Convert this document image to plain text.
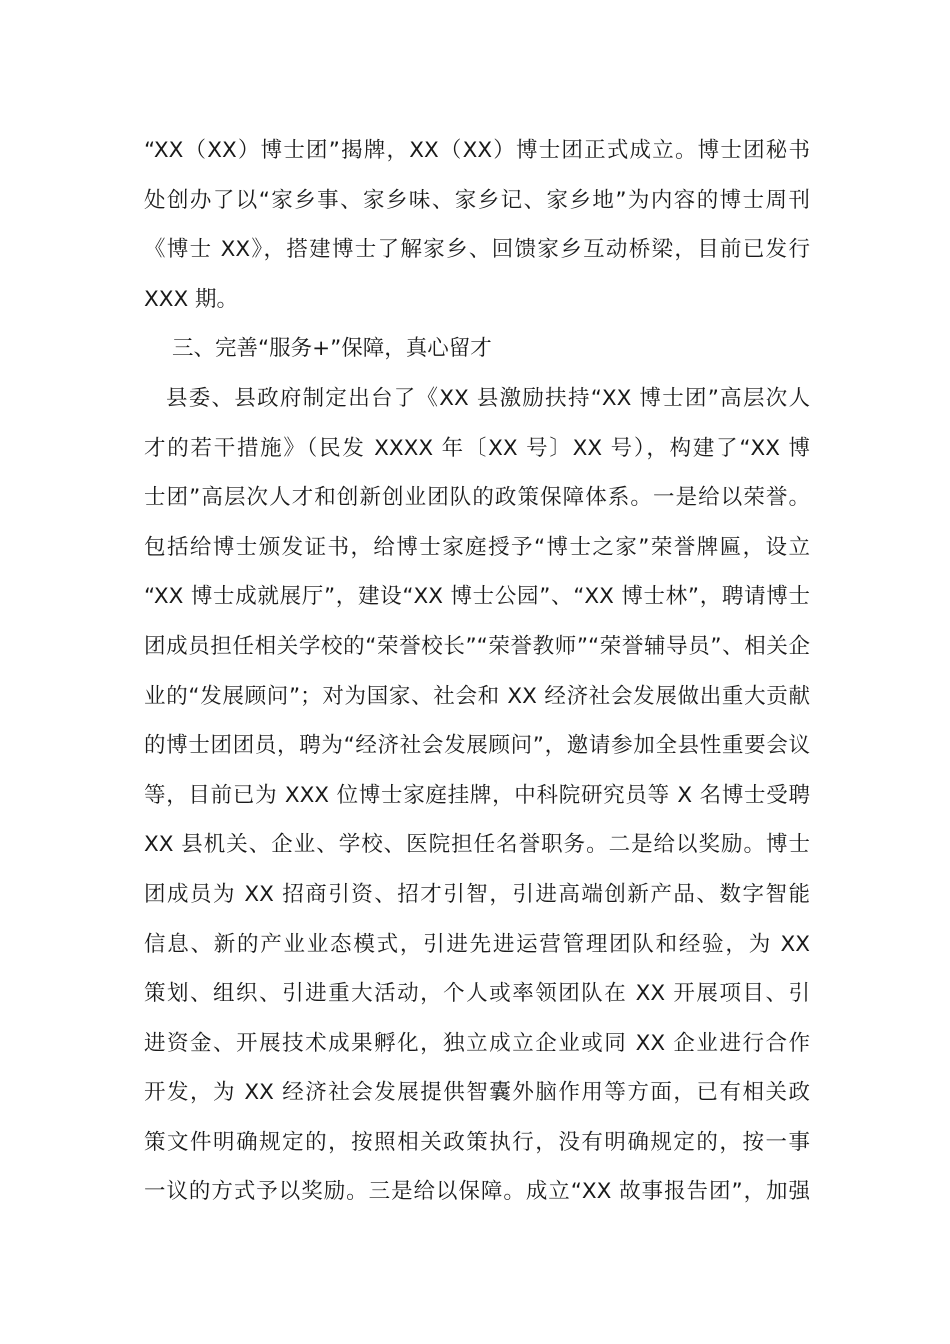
“XX（XX）博士团”揭牌，XX（XX）博士团正式成立。博士团秘书
处创办了以“家乡事、家乡味、家乡记、家乡地”为内容的博士周刊
《博士 XX》，搭建博士了解家乡、回馈家乡互动桥梁，目前已发行
XXX 期。
三、完善“服务+”保障，真心留才
县委、县政府制定出台了《XX 县激励扶持“XX 博士团”高层次人
才的若干措施》（民发 XXXX 年〔XX 号〕XX 号），构建了“XX 博
士团”高层次人才和创新创业团队的政策保障体系。一是给以荣誉。
包括给博士颁发证书，给博士家庭授予“博士之家”荣誉牌匾，设立
“XX 博士成就展厅”，建设“XX 博士公园”、“XX 博士林”，聘请博士
团成员担任相关学校的“荣誉校长”“荣誉教师”“荣誉辅导员”、相关企
业的“发展顾问”；对为国家、社会和 XX 经济社会发展做出重大贡献
的博士团团员，聘为“经济社会发展顾问”，邀请参加全县性重要会议
等，目前已为 XXX 位博士家庭挂牌，中科院研究员等 X 名博士受聘
XX 县机关、企业、学校、医院担任名誉职务。二是给以奖励。博士
团成员为 XX 招商引资、招才引智，引进高端创新产品、数字智能
信息、新的产业业态模式，引进先进运营管理团队和经验，为 XX
策划、组织、引进重大活动，个人或率领团队在 XX 开展项目、引
进资金、开展技术成果孵化，独立成立企业或同 XX 企业进行合作
开发，为 XX 经济社会发展提供智囊外脑作用等方面，已有相关政
策文件明确规定的，按照相关政策执行，没有明确规定的，按一事
一议的方式予以奖励。三是给以保障。成立“XX 故事报告团”，加强
